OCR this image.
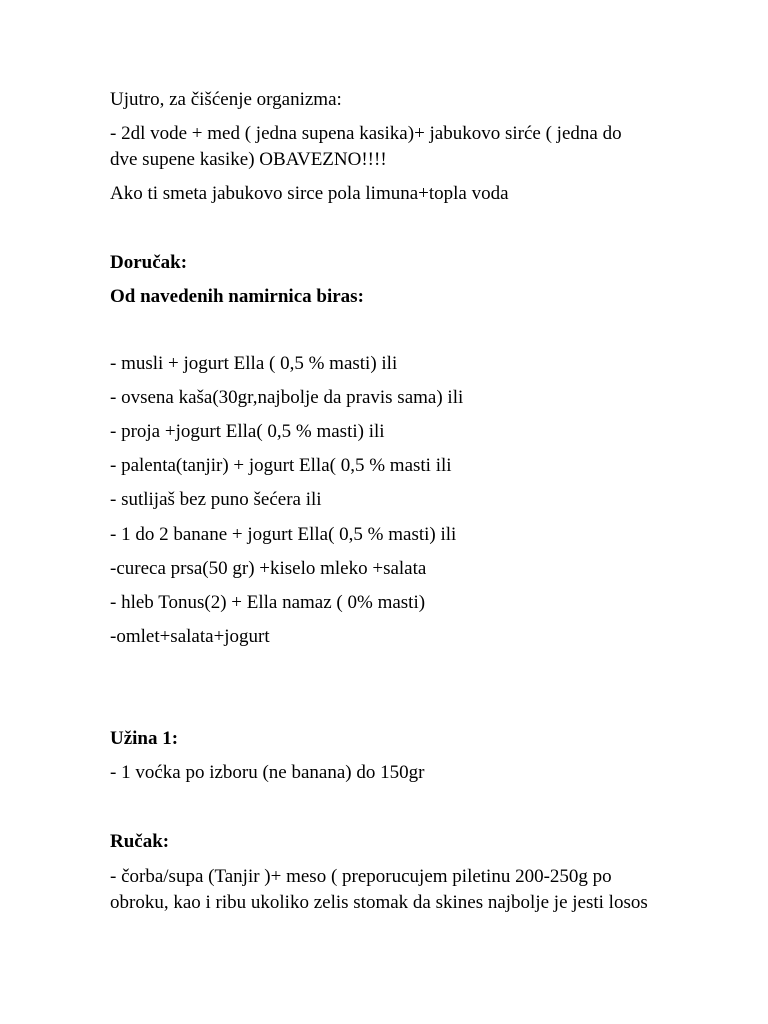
Ujutro, za čišćenje organizma:
- 2dl vode + med ( jedna supena kasika)+ jabukovo sirće ( jedna do
dve supene kasike) OBAVEZNO!!!!
Ako ti smeta jabukovo sirce pola limuna+topla voda
Doručak:
Od navedenih namirnica biras:
- musli + jogurt Ella ( 0,5 % masti) ili
- ovsena kaša(30gr,najbolje da pravis sama) ili
- proja +jogurt Ella( 0,5 % masti) ili
- palenta(tanjir) + jogurt Ella( 0,5 % masti ili
- sutlijaš bez puno šećera ili
- 1 do 2 banane + jogurt Ella( 0,5 % masti) ili
-cureca prsa(50 gr) +kiselo mleko +salata
- hleb Tonus(2) + Ella namaz ( 0% masti)
-omlet+salata+jogurt
Užina 1:
- 1 voćka po izboru (ne banana) do 150gr
Ručak:
- čorba/supa (Tanjir )+ meso ( preporucujem piletinu 200-250g po
obroku, kao i ribu ukoliko zelis stomak da skines najbolje je jesti losos
